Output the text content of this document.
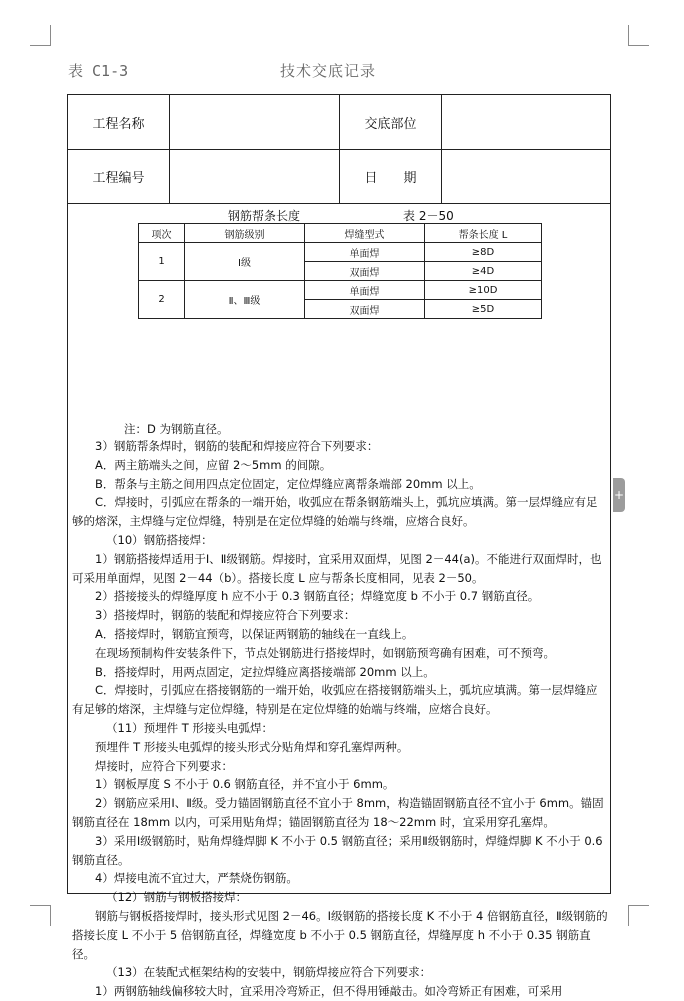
表 C1-3	技术交底记录
工程名称	交底部位
工程编号	日　　期
钢筋帮条长度	表 2－50
项次	钢筋级别	焊缝型式	帮条长度 L
1	Ⅰ级	单面焊	≥8D
		双面焊	≥4D
2	Ⅱ、Ⅲ级	单面焊	≥10D
		双面焊	≥5D
注：D 为钢筋直径。

3）钢筋帮条焊时，钢筋的装配和焊接应符合下列要求：

A．两主筋端头之间，应留 2～5mm 的间隙。

B．帮条与主筋之间用四点定位固定，定位焊缝应离帮条端部 20mm 以上。

C．焊接时，引弧应在帮条的一端开始，收弧应在帮条钢筋端头上，弧坑应填满。第一层焊缝应有足够的熔深，主焊缝与定位焊缝，特别是在定位焊缝的始端与终端，应熔合良好。

（10）钢筋搭接焊：

1）钢筋搭接焊适用于Ⅰ、Ⅱ级钢筋。焊接时，宜采用双面焊，见图 2－44(a)。不能进行双面焊时，也可采用单面焊，见图 2－44（b）。搭接长度 L 应与帮条长度相同，见表 2－50。

2）搭接接头的焊缝厚度 h 应不小于 0.3 钢筋直径；焊缝宽度 b 不小于 0.7 钢筋直径。

3）搭接焊时，钢筋的装配和焊接应符合下列要求：

A．搭接焊时，钢筋宜预弯，以保证两钢筋的轴线在一直线上。

在现场预制构件安装条件下，节点处钢筋进行搭接焊时，如钢筋预弯确有困难，可不预弯。

B．搭接焊时，用两点固定，定拉焊缝应离搭接端部 20mm 以上。

C．焊接时，引弧应在搭接钢筋的一端开始，收弧应在搭接钢筋端头上，弧坑应填满。第一层焊缝应有足够的熔深，主焊缝与定位焊缝，特别是在定位焊缝的始端与终端，应熔合良好。

（11）预埋件 T 形接头电弧焊：

预埋件 T 形接头电弧焊的接头形式分贴角焊和穿孔塞焊两种。

焊接时，应符合下列要求：

1）钢板厚度 S 不小于 0.6 钢筋直径，并不宜小于 6mm。

2）钢筋应采用Ⅰ、Ⅱ级。受力锚固钢筋直径不宜小于 8mm，构造锚固钢筋直径不宜小于 6mm。锚固钢筋直径在 18mm 以内，可采用贴角焊；锚固钢筋直径为 18～22mm 时，宜采用穿孔塞焊。

3）采用Ⅰ级钢筋时，贴角焊缝焊脚 K 不小于 0.5 钢筋直径；采用Ⅱ级钢筋时，焊缝焊脚 K 不小于 0.6 钢筋直径。

4）焊接电流不宜过大，严禁烧伤钢筋。

（12）钢筋与钢板搭接焊：

钢筋与钢板搭接焊时，接头形式见图 2－46。Ⅰ级钢筋的搭接长度 K 不小于 4 倍钢筋直径，Ⅱ级钢筋的搭接长度 L 不小于 5 倍钢筋直径，焊缝宽度 b 不小于 0.5 钢筋直径，焊缝厚度 h 不小于 0.35 钢筋直径。

（13）在装配式框架结构的安装中，钢筋焊接应符合下列要求：

1）两钢筋轴线偏移较大时，宜采用冷弯矫正，但不得用锤敲击。如冷弯矫正有困难，可采用

+
